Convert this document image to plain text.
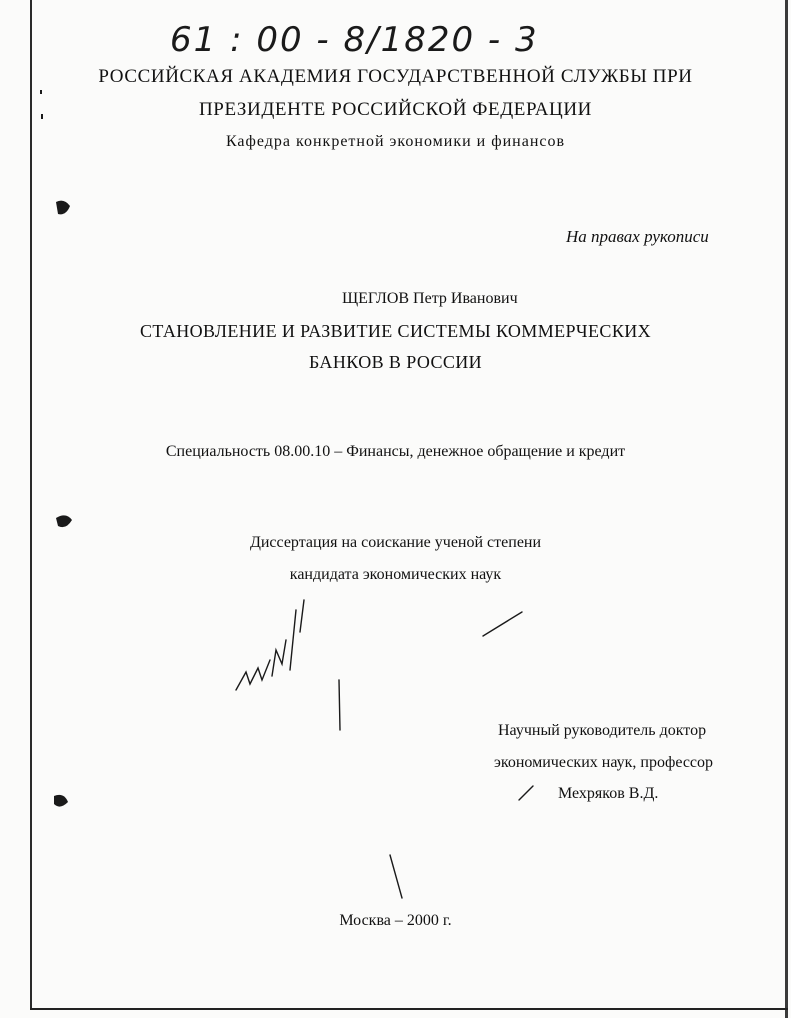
61 : 00 - 8/1820 - 3
РОССИЙСКАЯ АКАДЕМИЯ ГОСУДАРСТВЕННОЙ СЛУЖБЫ ПРИ
ПРЕЗИДЕНТЕ РОССИЙСКОЙ ФЕДЕРАЦИИ
Кафедра конкретной экономики и финансов
На правах рукописи
ЩЕГЛОВ Петр Иванович
СТАНОВЛЕНИЕ И РАЗВИТИЕ СИСТЕМЫ КОММЕРЧЕСКИХ
БАНКОВ В РОССИИ
Специальность 08.00.10 – Финансы, денежное обращение и кредит
Диссертация на соискание ученой степени
кандидата экономических наук
Научный руководитель доктор
экономических наук, профессор
Мехряков В.Д.
Москва – 2000 г.
